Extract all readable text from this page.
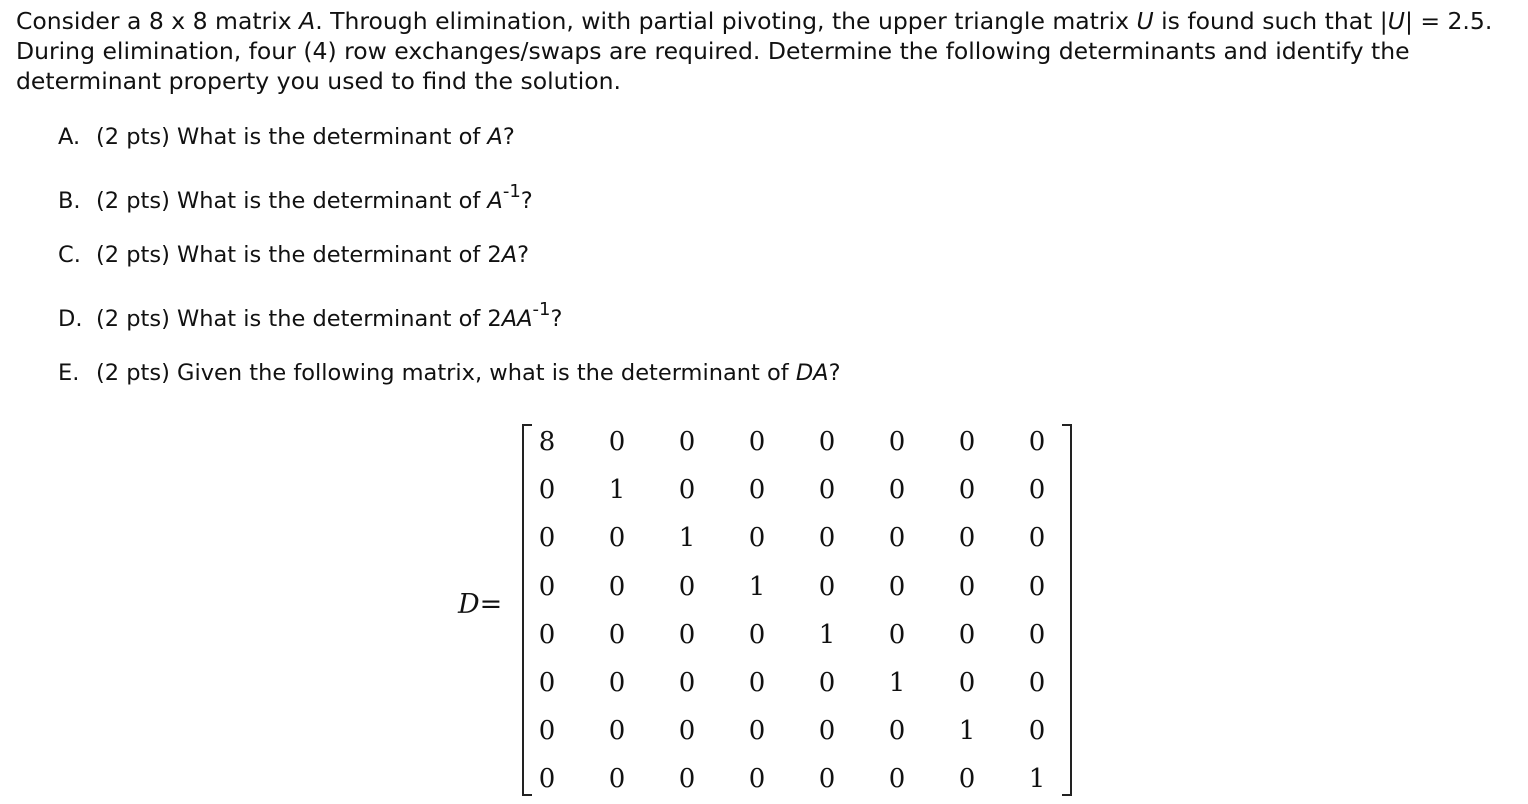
Consider a 8 x 8 matrix A. Through elimination, with partial pivoting, the upper triangle matrix U is found such that |U| = 2.5. During elimination, four (4) row exchanges/swaps are required. Determine the following determinants and identify the determinant property you used to find the solution.

A. (2 pts) What is the determinant of A?
B. (2 pts) What is the determinant of $A^{-1}$?
C. (2 pts) What is the determinant of 2A?
D. (2 pts) What is the determinant of $2AA^{-1}$?
E. (2 pts) Given the following matrix, what is the determinant of DA?
D=
8	0	0	0	0	0	0	0
0	1	0	0	0	0	0	0
0	0	1	0	0	0	0	0
0	0	0	1	0	0	0	0
0	0	0	0	1	0	0	0
0	0	0	0	0	1	0	0
0	0	0	0	0	0	1	0
0	0	0	0	0	0	0	1
